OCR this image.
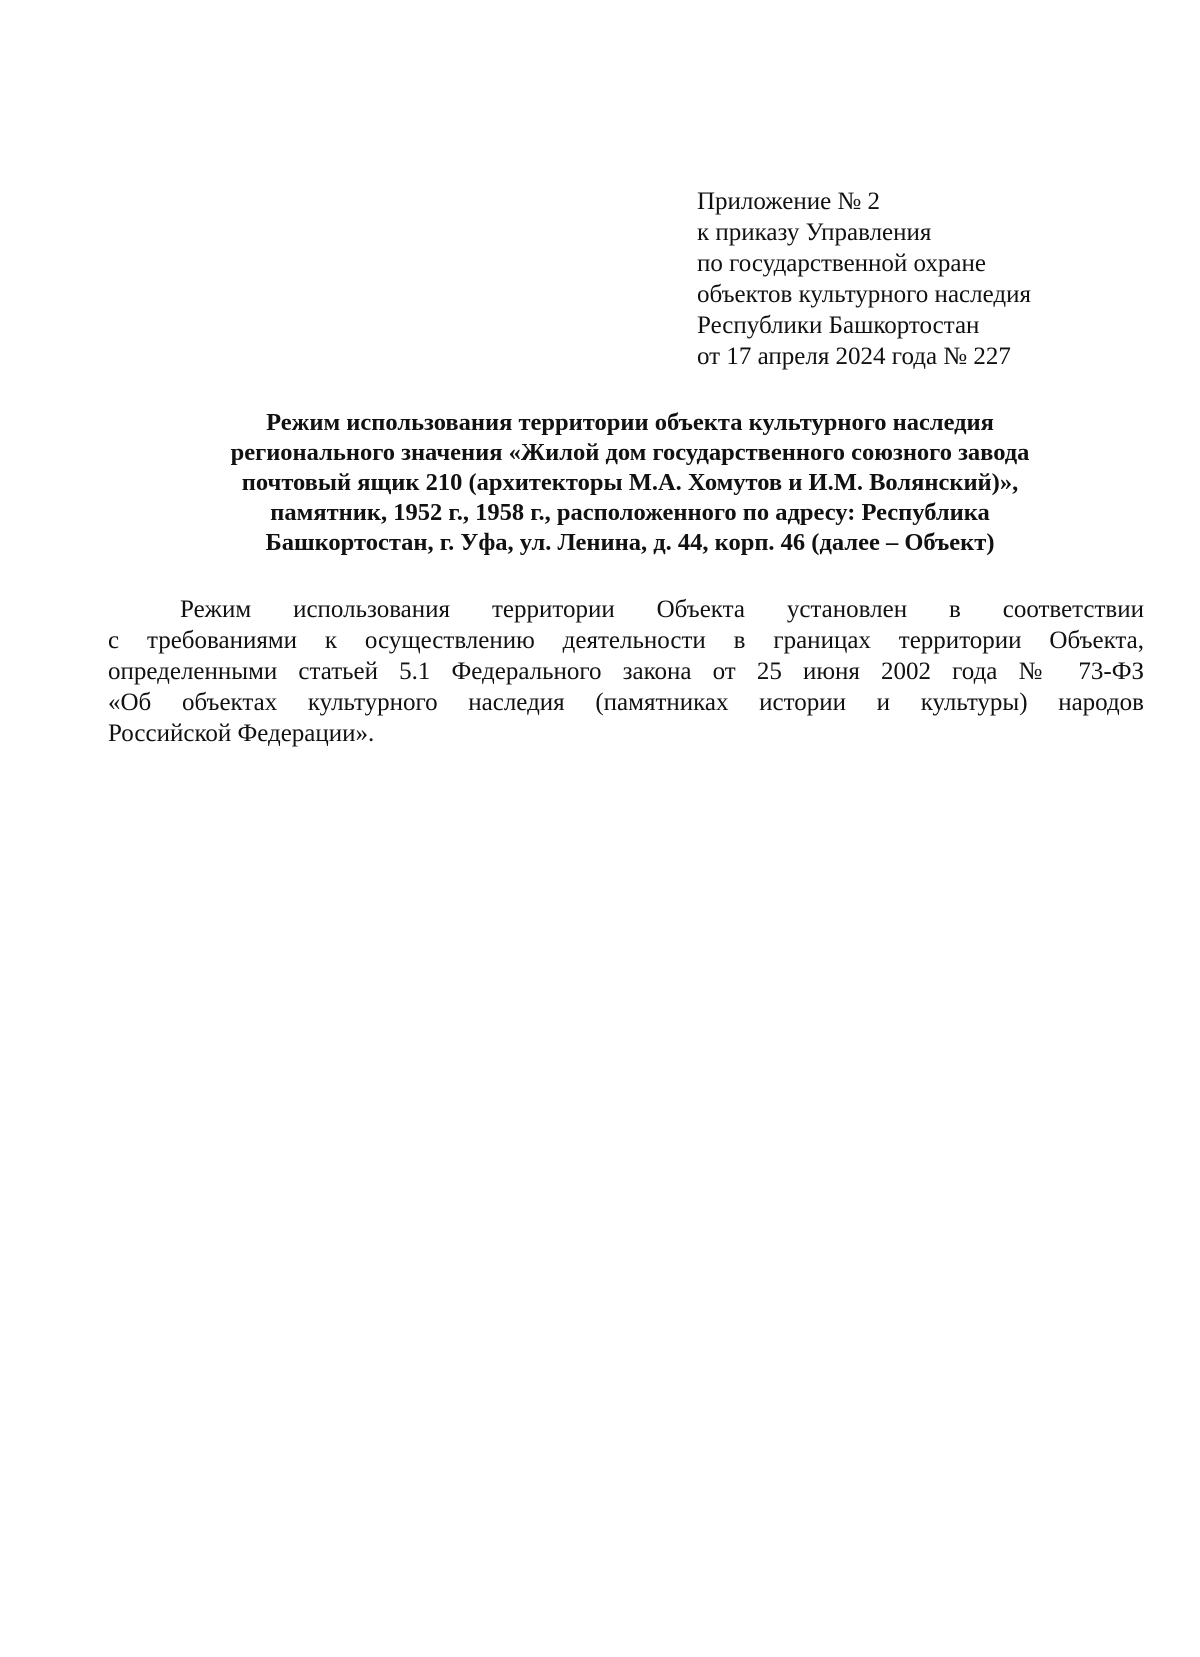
Приложение № 2
к приказу Управления
по государственной охране
объектов культурного наследия
Республики Башкортостан
от 17 апреля 2024 года № 227
Режим использования территории объекта культурного наследия
регионального значения «Жилой дом государственного союзного завода
почтовый ящик 210 (архитекторы М.А. Хомутов и И.М. Волянский)»,
памятник, 1952 г., 1958 г., расположенного по адресу: Республика
Башкортостан, г. Уфа, ул. Ленина, д. 44, корп. 46 (далее – Объект)
Режим использования территории Объекта установлен в соответствии
с требованиями к осуществлению деятельности в границах территории Объекта,
определенными статьей 5.1 Федерального закона от 25 июня 2002 года № 73-ФЗ
«Об объектах культурного наследия (памятниках истории и культуры) народов
Российской Федерации».
